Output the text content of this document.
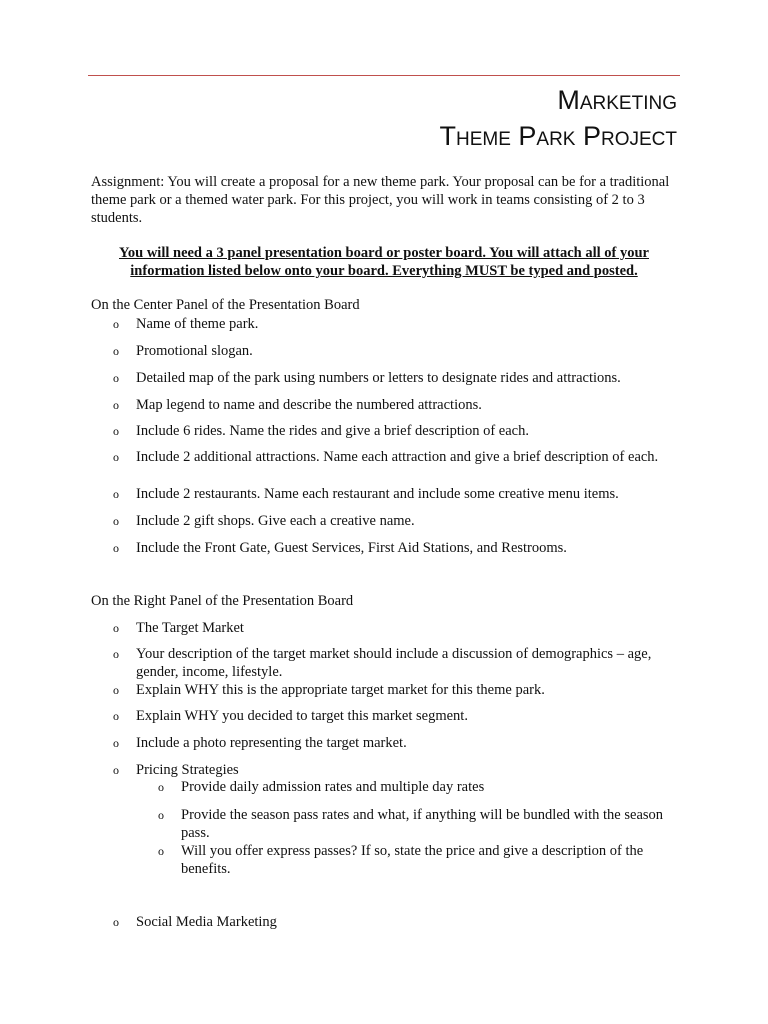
Marketing
Theme Park Project
Assignment: You will create a proposal for a new theme park. Your proposal can be for a traditional theme park or a themed water park. For this project, you will work in teams consisting of 2 to 3 students.
You will need a 3 panel presentation board or poster board. You will attach all of your information listed below onto your board. Everything MUST be typed and posted.
On the Center Panel of the Presentation Board
o Name of theme park.
o Promotional slogan.
o Detailed map of the park using numbers or letters to designate rides and attractions.
o Map legend to name and describe the numbered attractions.
o Include 6 rides. Name the rides and give a brief description of each.
o Include 2 additional attractions. Name each attraction and give a brief description of each.
o Include 2 restaurants. Name each restaurant and include some creative menu items.
o Include 2 gift shops. Give each a creative name.
o Include the Front Gate, Guest Services, First Aid Stations, and Restrooms.
On the Right Panel of the Presentation Board
o The Target Market
o Your description of the target market should include a discussion of demographics – age, gender, income, lifestyle.
o Explain WHY this is the appropriate target market for this theme park.
o Explain WHY you decided to target this market segment.
o Include a photo representing the target market.
o Pricing Strategies
o Provide daily admission rates and multiple day rates
o Provide the season pass rates and what, if anything will be bundled with the season pass.
o Will you offer express passes? If so, state the price and give a description of the benefits.
o Social Media Marketing
